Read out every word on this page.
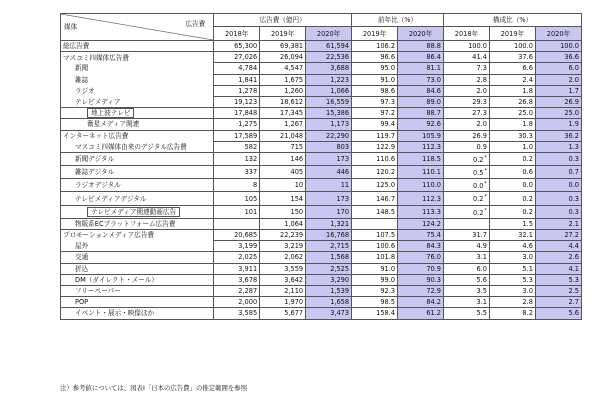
広告費
媒体	広告費（億円）			前年比（%）		構成比（%）		
	2018年	2019年	2020年	2019年	2020年	2018年	2019年	2020年
総広告費	65,300	69,381	61,594	106.2	88.8	100.0	100.0	100.0
マスコミ四媒体広告費	27,026	26,094	22,536	96.6	86.4	41.4	37.6	36.6
新聞	4,784	4,547	3,688	95.0	81.1	7.3	6.6	6.0
雑誌	1,841	1,675	1,223	91.0	73.0	2.8	2.4	2.0
ラジオ	1,278	1,260	1,066	98.6	84.6	2.0	1.8	1.7
テレビメディア	19,123	18,612	16,559	97.3	89.0	29.3	26.8	26.9
地上波テレビ	17,848	17,345	15,386	97.2	88.7	27.3	25.0	25.0
衛星メディア関連	1,275	1,267	1,173	99.4	92.6	2.0	1.8	1.9
インターネット広告費	17,589	21,048	22,290	119.7	105.9	26.9	30.3	36.2
マスコミ四媒体由来のデジタル広告費	582	715	803	122.9	112.3	0.9	1.0	1.3
新聞デジタル	132	146	173	110.6	118.5	0.2*	0.2	0.3
雑誌デジタル	337	405	446	120.2	110.1	0.5*	0.6	0.7
ラジオデジタル	8	10	11	125.0	110.0	0.0*	0.0	0.0
テレビメディアデジタル	105	154	173	146.7	112.3	0.2*	0.2	0.3
テレビメディア関連動画広告	101	150	170	148.5	113.3	0.2*	0.2	0.3
物販系ECプラットフォーム広告費		1,064	1,321		124.2		1.5	2.1
プロモーションメディア広告費	20,685	22,239	16,768	107.5	75.4	31.7	32.1	27.2
屋外	3,199	3,219	2,715	100.6	84.3	4.9	4.6	4.4
交通	2,025	2,062	1,568	101.8	76.0	3.1	3.0	2.6
折込	3,911	3,559	2,525	91.0	70.9	6.0	5.1	4.1
DM（ダイレクト・メール）	3,678	3,642	3,290	99.0	90.3	5.6	5.3	5.3
フリーペーパー	2,287	2,110	1,539	92.3	72.9	3.5	3.0	2.5
POP	2,000	1,970	1,658	98.5	84.2	3.1	2.8	2.7
イベント・展示・映像ほか	3,585	5,677	3,473	158.4	61.2	5.5	8.2	5.6
注）参考値については、図表Ⅰ「日本の広告費」の推定範囲を参照
